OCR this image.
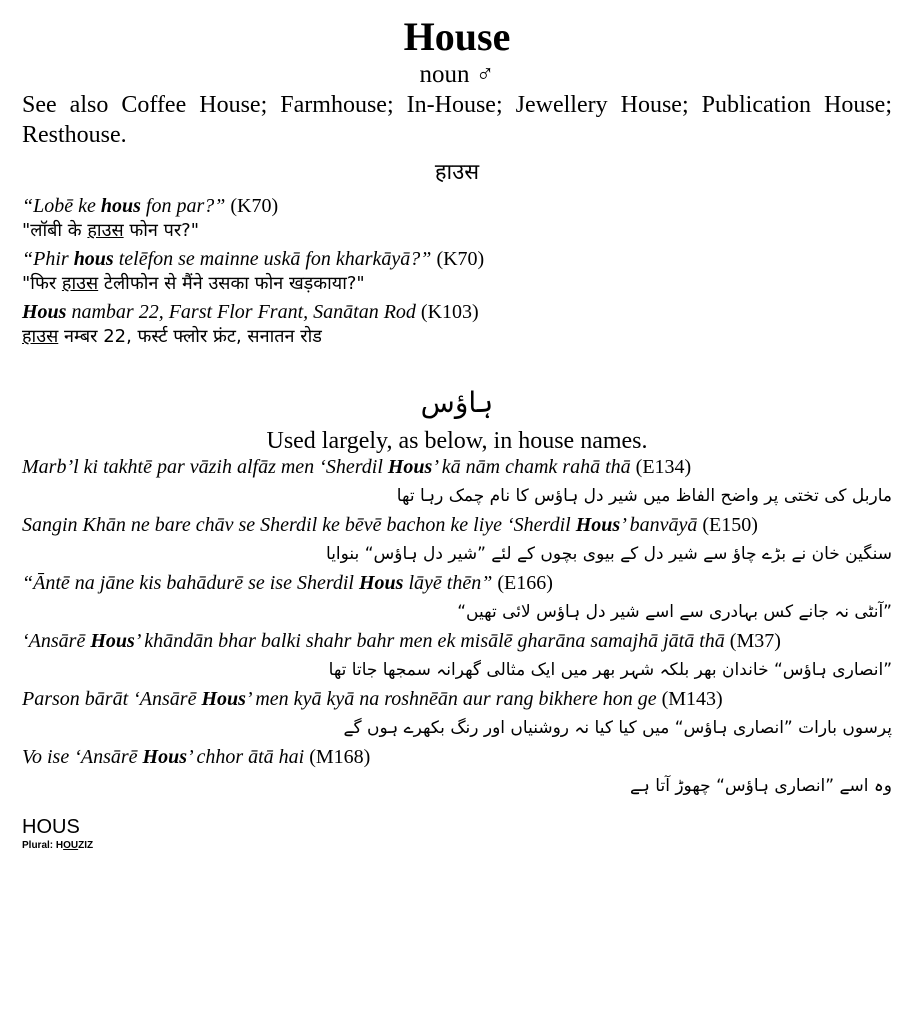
House

noun ♂

See also Coffee House; Farmhouse; In-House; Jewellery House; Publication House; Resthouse.

हाउस

“Lobē ke hous fon par?” (K70)

"लॉबी के हाउस फोन पर?"

“Phir hous telēfon se mainne uskā fon kharkāyā?” (K70)

"फिर हाउस टेलीफोन से मैंने उसका फोन खड़काया?"

Hous nambar 22, Farst Flor Frant, Sanātan Rod (K103)

हाउस नम्बर 22, फर्स्ट फ्लोर फ्रंट, सनातन रोड

ہاؤس

Used largely, as below, in house names.

Marb’l ki takhtē par vāzih alfāz men ‘Sherdil Hous’ kā nām chamk rahā thā (E134)

ماربل کی تختی پر واضح الفاظ میں شیر دل ہاؤس کا نام چمک رہا تھا

Sangin Khān ne bare chāv se Sherdil ke bēvē bachon ke liye ‘Sherdil Hous’ banvāyā (E150)

سنگین خان نے بڑے چاؤ سے شیر دل کے بیوی بچوں کے لئے ”شیر دل ہاؤس“ بنوایا

“Āntē na jāne kis bahādurē se ise Sherdil Hous lāyē thēn” (E166)

”آنٹی نہ جانے کس بہادری سے اسے شیر دل ہاؤس لائی تھیں“

‘Ansārē Hous’ khāndān bhar balki shahr bahr men ek misālē gharāna samajhā jātā thā (M37)

”انصاری ہاؤس“ خاندان بھر بلکہ شہر بھر میں ایک مثالی گھرانہ سمجھا جاتا تھا

Parson bārāt ‘Ansārē Hous’ men kyā kyā na roshnēān aur rang bikhere hon ge (M143)

پرسوں بارات ”انصاری ہاؤس“ میں کیا کیا نہ روشنیاں اور رنگ بکھرے ہوں گے

Vo ise ‘Ansārē Hous’ chhor ātā hai (M168)

وہ اسے ”انصاری ہاؤس“ چھوڑ آتا ہے

HOUS

Plural: HOUZIZ
